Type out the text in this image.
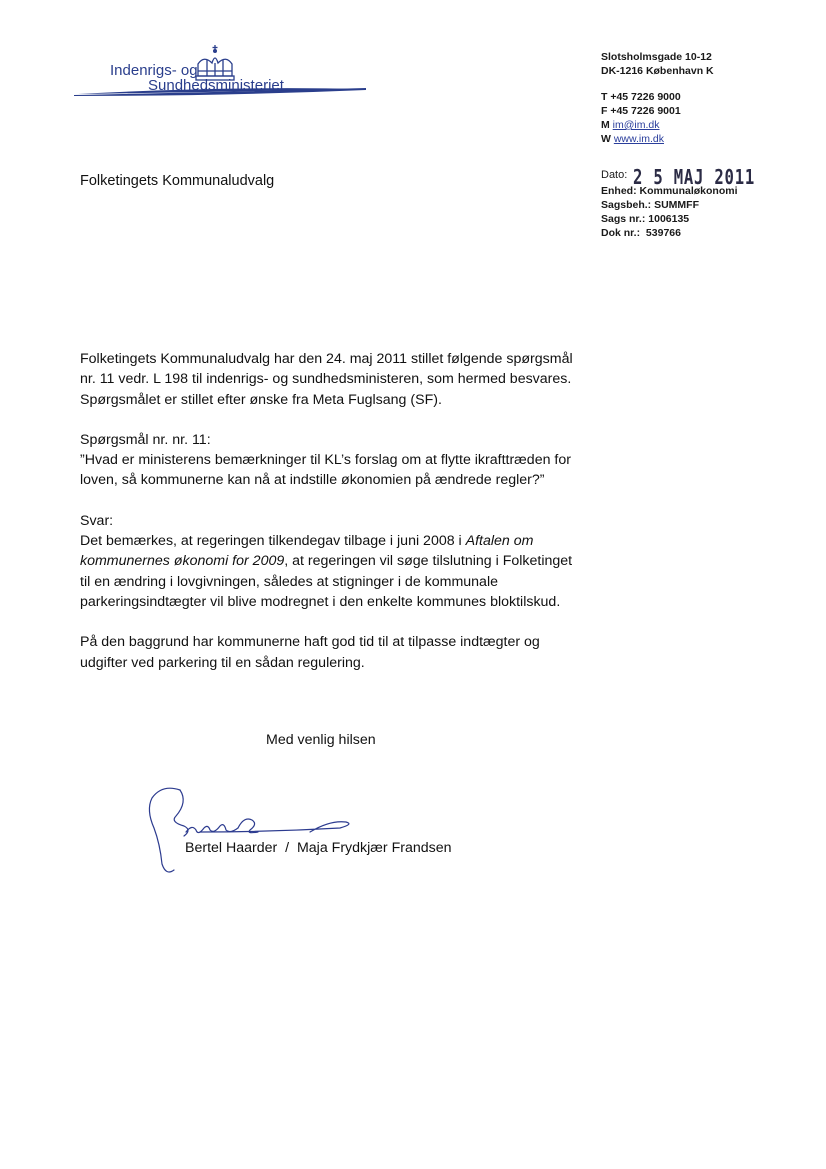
Indenrigs- og
Sundhedsministeriet
Slotsholmsgade 10-12
DK-1216 København K
T +45 7226 9000
F +45 7226 9001
M im@im.dk
W www.im.dk
Folketingets Kommunaludvalg	Dato: 2 5 MAJ 2011
Enhed: Kommunaløkonomi
Sagsbeh.: SUMMFF
Sags nr.: 1006135
Dok nr.:  539766

Folketingets Kommunaludvalg har den 24. maj 2011 stillet følgende spørgsmål
nr. 11 vedr. L 198 til indenrigs- og sundhedsministeren, som hermed besvares.
Spørgsmålet er stillet efter ønske fra Meta Fuglsang (SF).

Spørgsmål nr. nr. 11:
”Hvad er ministerens bemærkninger til KL’s forslag om at flytte ikrafttræden for
loven, så kommunerne kan nå at indstille økonomien på ændrede regler?”

Svar:
Det bemærkes, at regeringen tilkendegav tilbage i juni 2008 i Aftalen om
kommunernes økonomi for 2009, at regeringen vil søge tilslutning i Folketinget
til en ændring i lovgivningen, således at stigninger i de kommunale
parkeringsindtægter vil blive modregnet i den enkelte kommunes bloktilskud.

På den baggrund har kommunerne haft god tid til at tilpasse indtægter og
udgifter ved parkering til en sådan regulering.

Med venlig hilsen
Bertel Haarder  /  Maja Frydkjær Frandsen
